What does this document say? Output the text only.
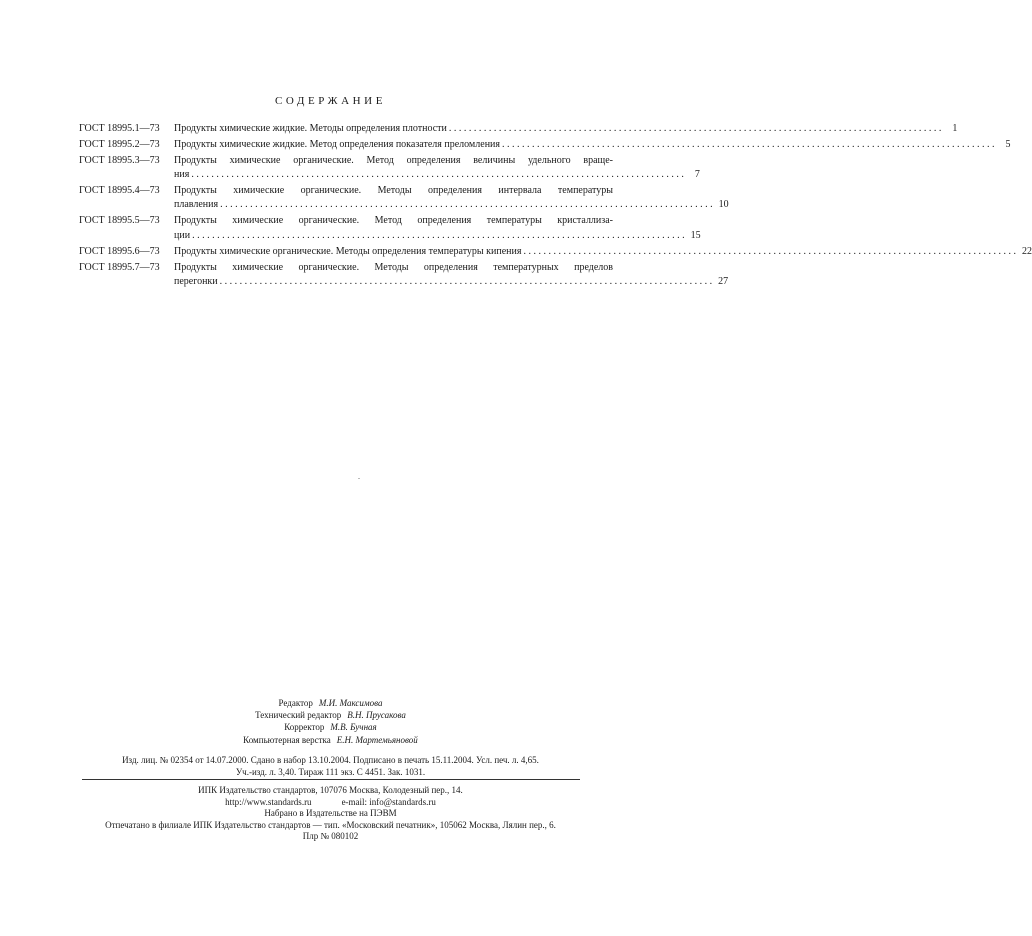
СОДЕРЖАНИЕ
ГОСТ 18995.1—73	Продукты химические жидкие. Методы определения плотности . . .	1
ГОСТ 18995.2—73	Продукты химические жидкие. Метод определения показателя преломления . . .	5
ГОСТ 18995.3—73	Продукты химические органические. Метод определения величины удельного враще-
ния . . .	7
ГОСТ 18995.4—73	Продукты химические органические. Методы определения интервала температуры
плавления . . .	10
ГОСТ 18995.5—73	Продукты химические органические. Метод определения температуры кристаллиза-
ции . . .	15
ГОСТ 18995.6—73	Продукты химические органические. Методы определения температуры кипения . . .	22
ГОСТ 18995.7—73	Продукты химические органические. Методы определения температурных пределов
перегонки . . .	27
Редактор М.И. Максимова
Технический редактор В.Н. Прусакова
Корректор М.В. Бучная
Компьютерная верстка Е.Н. Мартемьяновой
Изд. лиц. № 02354 от 14.07.2000. Сдано в набор 13.10.2004. Подписано в печать 15.11.2004. Усл. печ. л. 4,65.
Уч.-изд. л. 3,40. Тираж 111 экз. С 4451. Зак. 1031.
ИПК Издательство стандартов, 107076 Москва, Колодезный пер., 14.
http://www.standards.ru	e-mail: info@standards.ru
Набрано в Издательстве на ПЭВМ
Отпечатано в филиале ИПК Издательство стандартов — тип. «Московский печатник», 105062 Москва, Лялин пер., 6.
Плр № 080102
